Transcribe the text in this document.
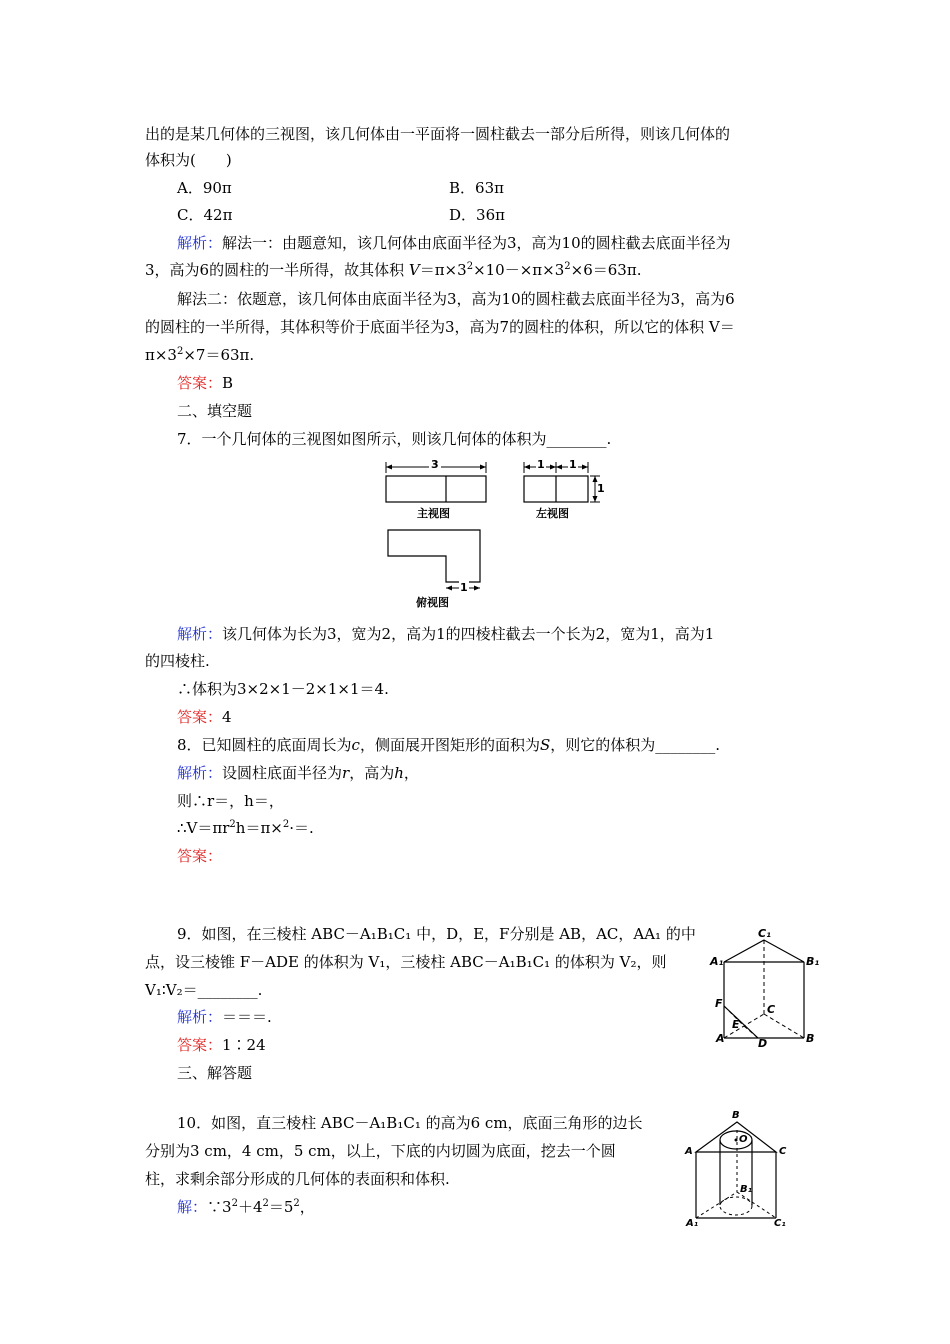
出的是某几何体的三视图，该几何体由一平面将一圆柱截去一部分后所得，则该几何体的
体积为(　　)
A．90π	B．63π
C．42π	D．36π
解析：解法一：由题意知，该几何体由底面半径为3，高为10的圆柱截去底面半径为
3，高为6的圆柱的一半所得，故其体积 $V=\pi\times 3^2\times 10-\times\pi\times 3^2\times 6=63\pi$.
解法二：依题意，该几何体由底面半径为3，高为10的圆柱截去底面半径为3，高为6
的圆柱的一半所得，其体积等价于底面半径为3，高为7的圆柱的体积，所以它的体积 V＝
$\pi\times 3^2\times 7=63\pi$.
答案：B
二、填空题
7．一个几何体的三视图如图所示，则该几何体的体积为________.
3
主视图
1 1
1
左视图
1
俯视图
解析：该几何体为长为3，宽为2，高为1的四棱柱截去一个长为2，宽为1，高为1
的四棱柱.
∴体积为3×2×1－2×1×1＝4.
答案：4
8．已知圆柱的底面周长为c，侧面展开图矩形的面积为S，则它的体积为________.
解析：设圆柱底面半径为r，高为h，
则∴r＝，h＝，
$\therefore V=\pi r^2h=\pi\times^2\cdot=$.
答案：
9．如图，在三棱柱 ABC－A₁B₁C₁ 中，D，E，F分别是 AB，AC，AA₁ 的中
点，设三棱锥 F－ADE 的体积为 V₁，三棱柱 ABC－A₁B₁C₁ 的体积为 V₂，则
V₁∶V₂＝________.
解析：＝＝＝.
答案：1∶24
C₁
A₁	B₁
F	C
E
A	D	B
三、解答题
10．如图，直三棱柱 ABC－A₁B₁C₁ 的高为6 cm，底面三角形的边长
分别为3 cm，4 cm，5 cm，以上，下底的内切圆为底面，挖去一个圆
柱，求剩余部分形成的几何体的表面积和体积.
解：$\because 3^2+4^2=5^2$，
B
O
A	C
B₁
A₁	C₁
